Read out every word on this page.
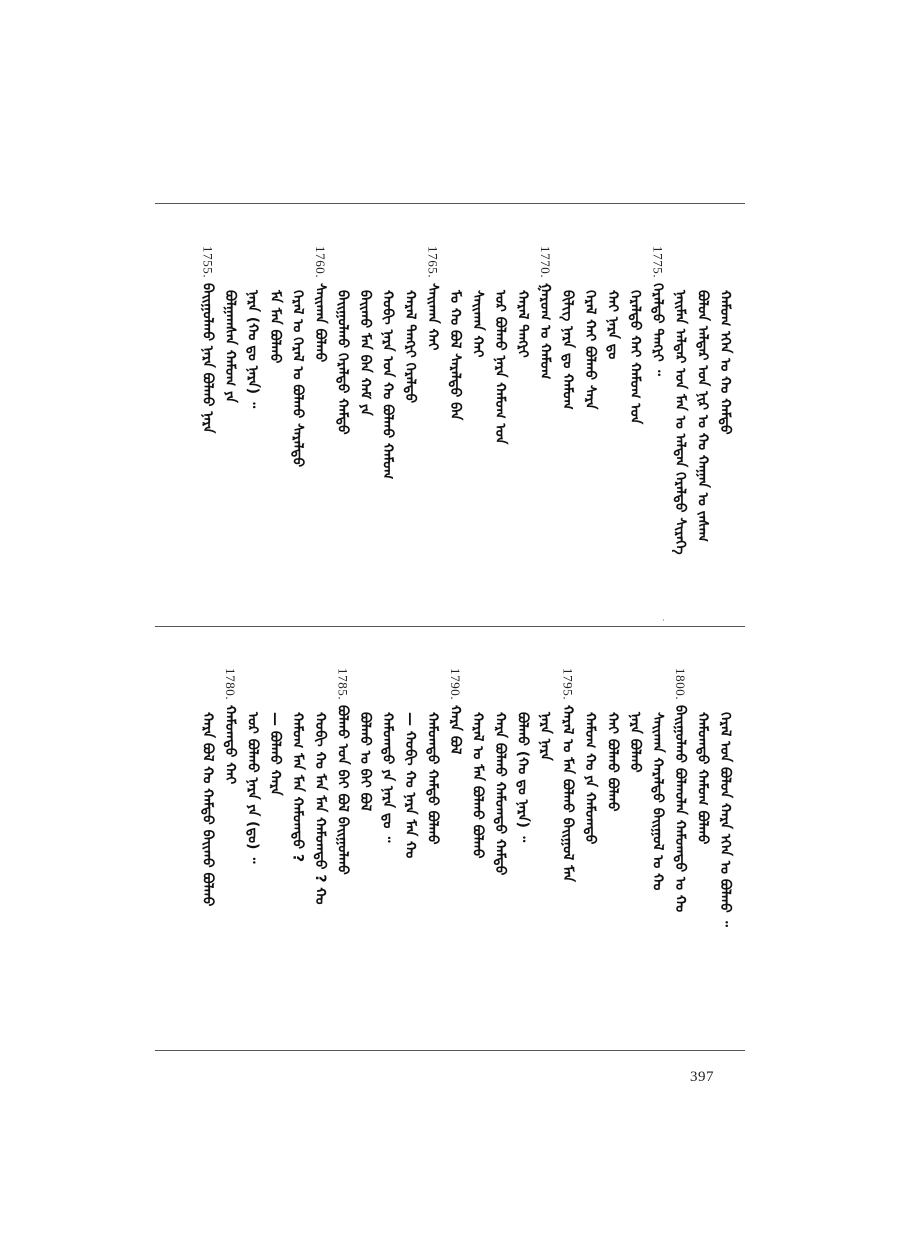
·
ᠬᠠᠮᠤᠭ ᠡᠭᠡᠨ ᠤ ᠬᠤ ᠬᠠᠮᠲᠤ
ᠪᠣᠯᠤᠨ ᠠᠯᠳᠠᠷ ᠤᠨ ᠨᠢᠷ ᠤ ᠬᠤ ᠬᠠᠭᠠᠨ ᠤ ᠵᠠᠰᠠᠭ
ᠨᠠᠢᠮᠠᠨ ᠠᠯᠳᠠᠷ ᠤᠨ ᠮᠠᠨ ᠤ ᠠᠯᠲᠠᠨ ᠭᠡᠷᠡᠯᠲᠦ ᠰᠢᠷᠡᠭᠡ
1775.
ᠭᠡᠷᠡᠯᠲᠦ ᠲᠡᠩᠷᠢ ᠃
ᠭᠡᠷᠡᠯᠲᠦ ᠬᠠᠢ ᠬᠠᠮᠤᠭ ᠤᠨ
ᠬᠠᠢ ᠨᠠᠷᠠ ᠳᠤ
ᠭᠡᠷᠡᠯ ᠬᠠᠢ ᠪᠣᠯᠬᠤ ᠰᠠᠷᠠ
ᠪᠢᠯᠢᠭ ᠨᠠᠷᠠ ᠳᠤ ᠬᠠᠮᠤᠭ
1770.
ᠭᠠᠷᠤᠭ ᠤ ᠬᠠᠮᠤᠭ
ᠬᠠᠷᠠᠯ ᠲᠡᠩᠷᠢ
ᠣᠷ ᠪᠣᠯᠬᠤ ᠨᠠᠷᠠ ᠬᠠᠮᠤᠭ ᠤᠨ
ᠰᠠᠢᠬᠠᠨ ᠬᠠᠢ
ᠮᠣ ᠬᠤ ᠪᠣᠯ ᠰᠠᠷᠠᠯᠲᠤ ᠪᠠᠨ
1765.
ᠰᠠᠢᠬᠠᠨ ᠬᠠᠢ
ᠬᠠᠷᠠᠯ ᠲᠡᠩᠷᠢ ᠭᠡᠷᠡᠯᠲᠦ
ᠬᠤᠪᠢ ᠨᠠᠷᠠ ᠤᠨ ᠬᠤ ᠪᠣᠯᠬᠤ ᠬᠠᠮᠤᠭ
ᠪᠠᠢᠬᠤ ᠮᠠᠨ ᠪᠠᠨ ᠬᠠᠮ ᠶᠠ
ᠪᠠᠢᠭᠤᠯᠬᠤ ᠭᠡᠷᠡᠯᠲᠦ ᠬᠠᠮᠲᠤ
1760.
ᠰᠠᠢᠬᠠᠨ ᠪᠣᠯᠬᠤ
ᠭᠡᠷᠡᠯ ᠤ ᠭᠡᠷᠡᠯ ᠤ ᠪᠣᠯᠬᠤ ᠰᠠᠷᠠᠯᠲᠤ
ᠮᠠ ᠮᠠᠨ ᠪᠣᠯᠬᠤ
ᠨᠠᠷᠠ (ᠬᠤ ᠳᠤ ᠨᠠᠷᠠ) ᠃
ᠪᠣᠯᠭᠠᠭᠰᠠᠨ ᠬᠠᠮᠤᠭ ᠶᠠ
1755.
ᠪᠠᠢᠭᠤᠯᠬᠤ ᠨᠠᠷᠠ ᠪᠣᠯᠬᠤ ᠨᠠᠷᠠ
ᠭᠡᠷᠡᠯ ᠤᠨ ᠪᠣᠯᠤᠨ ᠬᠠᠷᠠ ᠡᠭᠡᠨ ᠤ ᠪᠣᠯᠬᠤ ᠃
ᠬᠠᠮᠤᠭᠲᠤ ᠬᠠᠮᠤᠭ ᠪᠣᠯᠬᠤ
1800.
ᠪᠠᠢᠭᠤᠯᠬᠤ ᠪᠣᠯᠬᠤᠯᠠᠨ ᠬᠠᠮᠤᠭᠲᠤ ᠤ ᠬᠤ
ᠰᠠᠢᠬᠠᠨ ᠬᠠᠷᠠᠯᠲᠤ ᠪᠠᠢᠭᠤᠯ ᠤ ᠬᠤ
ᠨᠠᠷᠠ ᠪᠣᠯᠬᠤ
ᠬᠠᠢ ᠪᠣᠯᠬᠤ ᠪᠣᠯᠬᠤ
ᠬᠠᠮᠤᠭ ᠬᠤ ᠶᠠ ᠬᠠᠮᠤᠭᠲᠤ
1795.
ᠬᠠᠷᠠᠯ ᠤ ᠮᠠᠨ ᠪᠣᠯᠬᠤ ᠪᠠᠢᠭᠤᠯ ᠮᠠᠨ
ᠨᠠᠷᠠ ᠨᠠᠷᠠ
ᠪᠣᠯᠬᠤ (ᠬᠤ ᠳᠤ ᠨᠠᠷᠠ) ᠃
ᠬᠠᠷᠠ ᠪᠣᠯᠬᠤ ᠬᠠᠮᠤᠭᠲᠤ ᠬᠠᠮᠲᠤ
ᠬᠠᠷᠠᠯ ᠤ ᠮᠠᠨ ᠪᠣᠯᠬᠤ ᠪᠣᠯᠬᠤ
1790.
ᠬᠠᠷᠠ ᠪᠣᠯ
ᠬᠠᠮᠤᠭᠲᠤ ᠬᠠᠮᠲᠤ ᠪᠣᠯᠬᠤ
— ᠬᠤᠪᠢ ᠬᠤ ᠨᠠᠷᠠ ᠮᠠᠨ ᠬᠤ
ᠬᠠᠮᠤᠭᠲᠤ ᠶᠠ ᠨᠠᠷᠠ ᠳᠤ ᠃
ᠪᠣᠯᠬᠤ ᠤ ᠪᠠᠢ ᠪᠣᠯ
1785.
ᠪᠣᠯᠬᠤ ᠤᠨ ᠪᠠᠢ ᠪᠣᠯ ᠪᠠᠢᠭᠤᠯᠬᠤ
ᠬᠤᠪᠢ ᠬᠤ ᠮᠠᠨ ᠮᠠᠨ ᠬᠠᠮᠤᠭᠲᠤ ? ᠬᠤ
ᠬᠠᠮᠤᠭ ᠮᠠᠨ ᠮᠠᠨ ᠬᠠᠮᠤᠭᠲᠤ ?
— ᠪᠣᠯᠬᠤ ᠬᠠᠷᠠ
ᠣᠷ ᠪᠣᠯᠬᠤ ᠨᠠᠷᠠ ᠶᠠ (ᠳᠤ) ᠃
1780.
ᠬᠠᠮᠤᠭᠲᠤ ᠬᠠᠢ
ᠬᠠᠷᠠ ᠪᠣᠯ ᠬᠤ ᠬᠠᠮᠲᠤ ᠪᠠᠢᠬᠤ ᠪᠣᠯᠬᠤ
397
